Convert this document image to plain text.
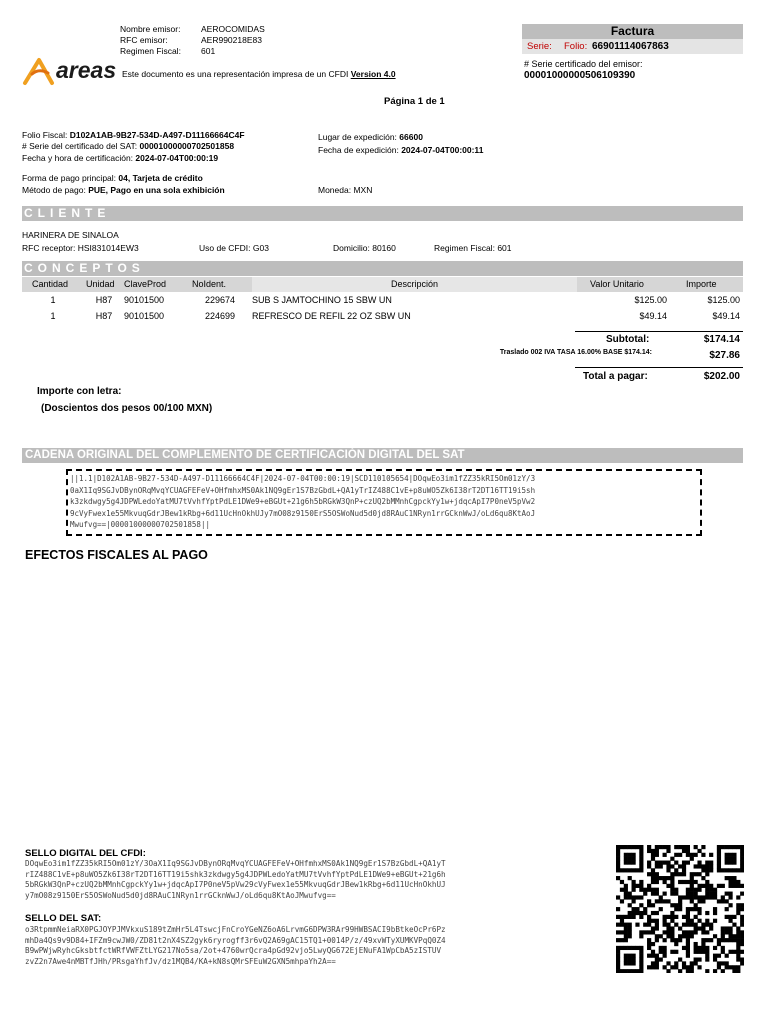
Nombre emisor: AEROCOMIDAS
RFC emisor:	AER990218E83
Regimen Fiscal: 601
areas Este documento es una representación impresa de un CFDI Version 4.0
Factura
Serie: Folio: 66901114067863
# Serie certificado del emisor:
00001000000506109390
Página 1 de 1
Folio Fiscal: D102A1AB-9B27-534D-A497-D11166664C4F
# Serie del certificado del SAT: 00001000000702501858
Fecha y hora de certificación: 2024-07-04T00:00:19
Lugar de expedición: 66600
Fecha de expedición: 2024-07-04T00:00:11
Forma de pago principal: 04, Tarjeta de crédito
Método de pago: PUE, Pago en una sola exhibición	Moneda: MXN
CLIENTE
HARINERA DE SINALOA
RFC receptor: HSI831014EW3	Uso de CFDI: G03	Domicilio: 80160	Regimen Fiscal: 601
CONCEPTOS
Cantidad Unidad ClaveProd	NoIdent.	Descripción	Valor Unitario	Importe
1	H87	90101500	229674	SUB S JAMTOCHINO 15 SBW UN	$125.00	$125.00
1	H87	90101500	224699	REFRESCO DE REFIL 22 OZ SBW UN	$49.14	$49.14
Subtotal:	$174.14
Traslado 002 IVA TASA 16.00% BASE $174.14:	$27.86
Total a pagar:	$202.00
Importe con letra:
(Doscientos dos pesos 00/100 MXN)
CADENA ORIGINAL DEL COMPLEMENTO DE CERTIFICACIÓN DIGITAL DEL SAT
||1.1|D102A1AB-9B27-534D-A497-D11166664C4F|2024-07-04T00:00:19|SCD110105654|DOqwEo3im1fZZ35kRI5Om01zY/3
0aX1Iq9SGJvDBynORqMvqYCUAGFEFeV+OHfmhxMS0Ak1NQ9gEr1S7BzGbdL+QA1yTrIZ488C1vE+p8uWO5Zk6I38rT2DT16TT19i5sh
k3zkdwgy5g4JDPWLedoYatMU7tVvhfYptPdLE1DWe9+eBGUt+21g6h5bRGkW3QnP+czUQ2bMMnhCgpckYy1w+jdqcApI7P0neV5pVw2
9cVyFwex1e55MkvuqGdrJBew1kRbg+6d11UcHnOkhUJy7mO08z9150ErS5OSWoNud5d0jd8RAuC1NRyn1rrGCknWwJ/oLd6qu8KtAoJ
Mwufvg==|00001000000702501858||
EFECTOS FISCALES AL PAGO
SELLO DIGITAL DEL CFDI:
DOqwEo3im1fZZ35kRI5Om01zY/3OaX1Iq9SGJvDBynORqMvqYCUAGFEFeV+OHfmhxMS0Ak1NQ9gEr1S7BzGbdL+QA1yT
rIZ488C1vE+p8uWO5Zk6I38rT2DT16TT19i5shk3zkdwgy5g4JDPWLedoYatMU7tVvhfYptPdLE1DWe9+eBGUt+21g6h
5bRGkW3QnP+czUQ2bMMnhCgpckYy1w+jdqcApI7P0neV5pVw29cVyFwex1e55MkvuqGdrJBew1kRbg+6d11UcHnOkhUJ
y7mO08z9150ErS5OSWoNud5d0jd8RAuC1NRyn1rrGCknWwJ/oLd6qu8KtAoJMwufvg==
SELLO DEL SAT:
o3RtpmmNeiaRX0PGJOYPJMVkxuS189tZmHr5L4TswcjFnCroYGeNZ6oA6LrvmG6DPW3RAr99HWBSACI9bBtkeOcPr6Pz
mhDa4Qs9v9D84+IFZm9cwJW0/ZD81t2nX4SZ2gyk6ryrogff3r6vQ2A69gAC15TQ1+0014P/z/49xvWTyXUMKVPqQ0Z4
B9wPWjwRyhcGksbtfctWRfVWFZtLYG217No5sa/2ot+4760wrQcra4pGd92vjo5LwyQG672EjENuFA1WpCbA5zISTUV
zvZ2n7Awe4nMBTfJHh/PRsgaYhfJv/dz1MQB4/KA+kN8sQMrSFEuW2GXN5mhpaYh2A==
